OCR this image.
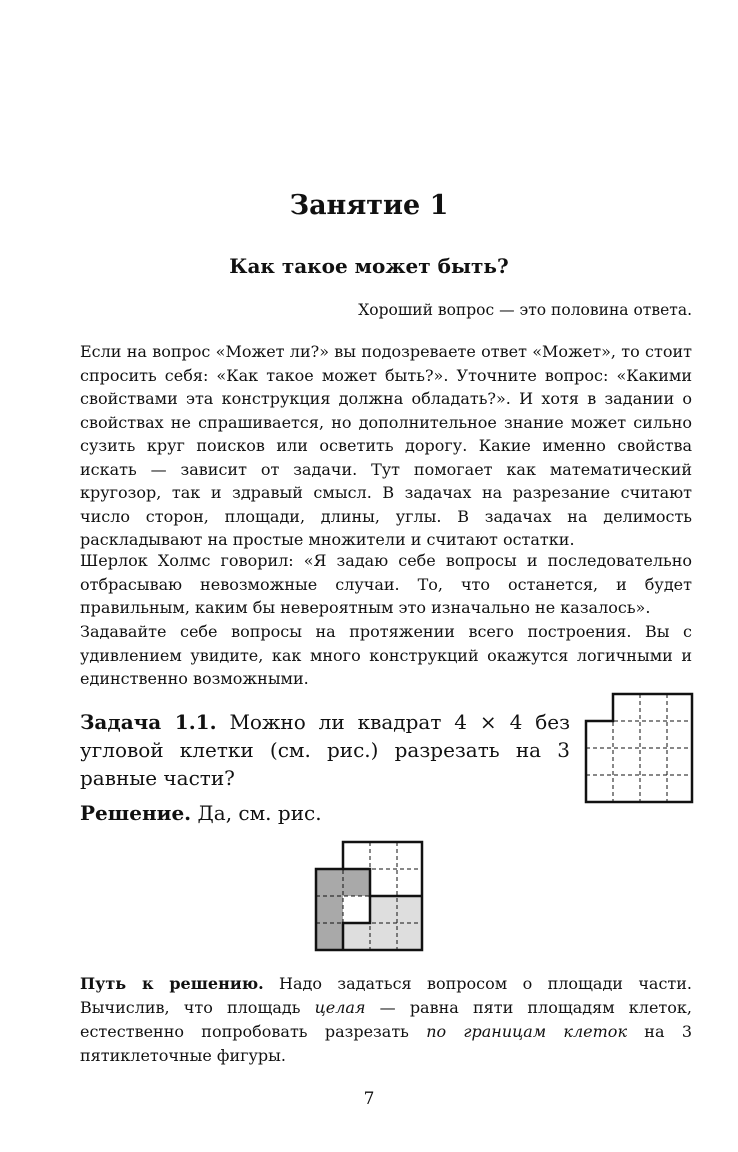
Занятие 1
Как такое может быть?
Хороший вопрос — это половина ответа.
Если на вопрос «Может ли?» вы подозреваете ответ «Может», то стоит спросить себя: «Как такое может быть?». Уточните вопрос: «Какими свойствами эта конструкция должна обладать?». И хотя в задании о свойствах не спрашивается, но дополнительное знание может сильно сузить круг поисков или осветить дорогу. Какие именно свойства искать — зависит от задачи. Тут помогает как математический кругозор, так и здравый смысл. В задачах на разрезание считают число сторон, площади, длины, углы. В задачах на делимость раскладывают на простые множители и считают остатки.
Шерлок Холмс говорил: «Я задаю себе вопросы и последовательно отбрасываю невозможные случаи. То, что останется, и будет правильным, каким бы невероятным это изначально не казалось».
Задавайте себе вопросы на протяжении всего построения. Вы с удивлением увидите, как много конструкций окажутся логичными и единственно возможными.
Задача 1.1. Можно ли квадрат 4 × 4 без угловой клетки (см. рис.) разрезать на 3 равные части?
Решение. Да, см. рис.
Путь к решению. Надо задаться вопросом о площади части. Вычислив, что площадь целая — равна пяти площадям клеток, естественно попробовать разрезать по границам клеток на 3 пятиклеточные фигуры.
7
